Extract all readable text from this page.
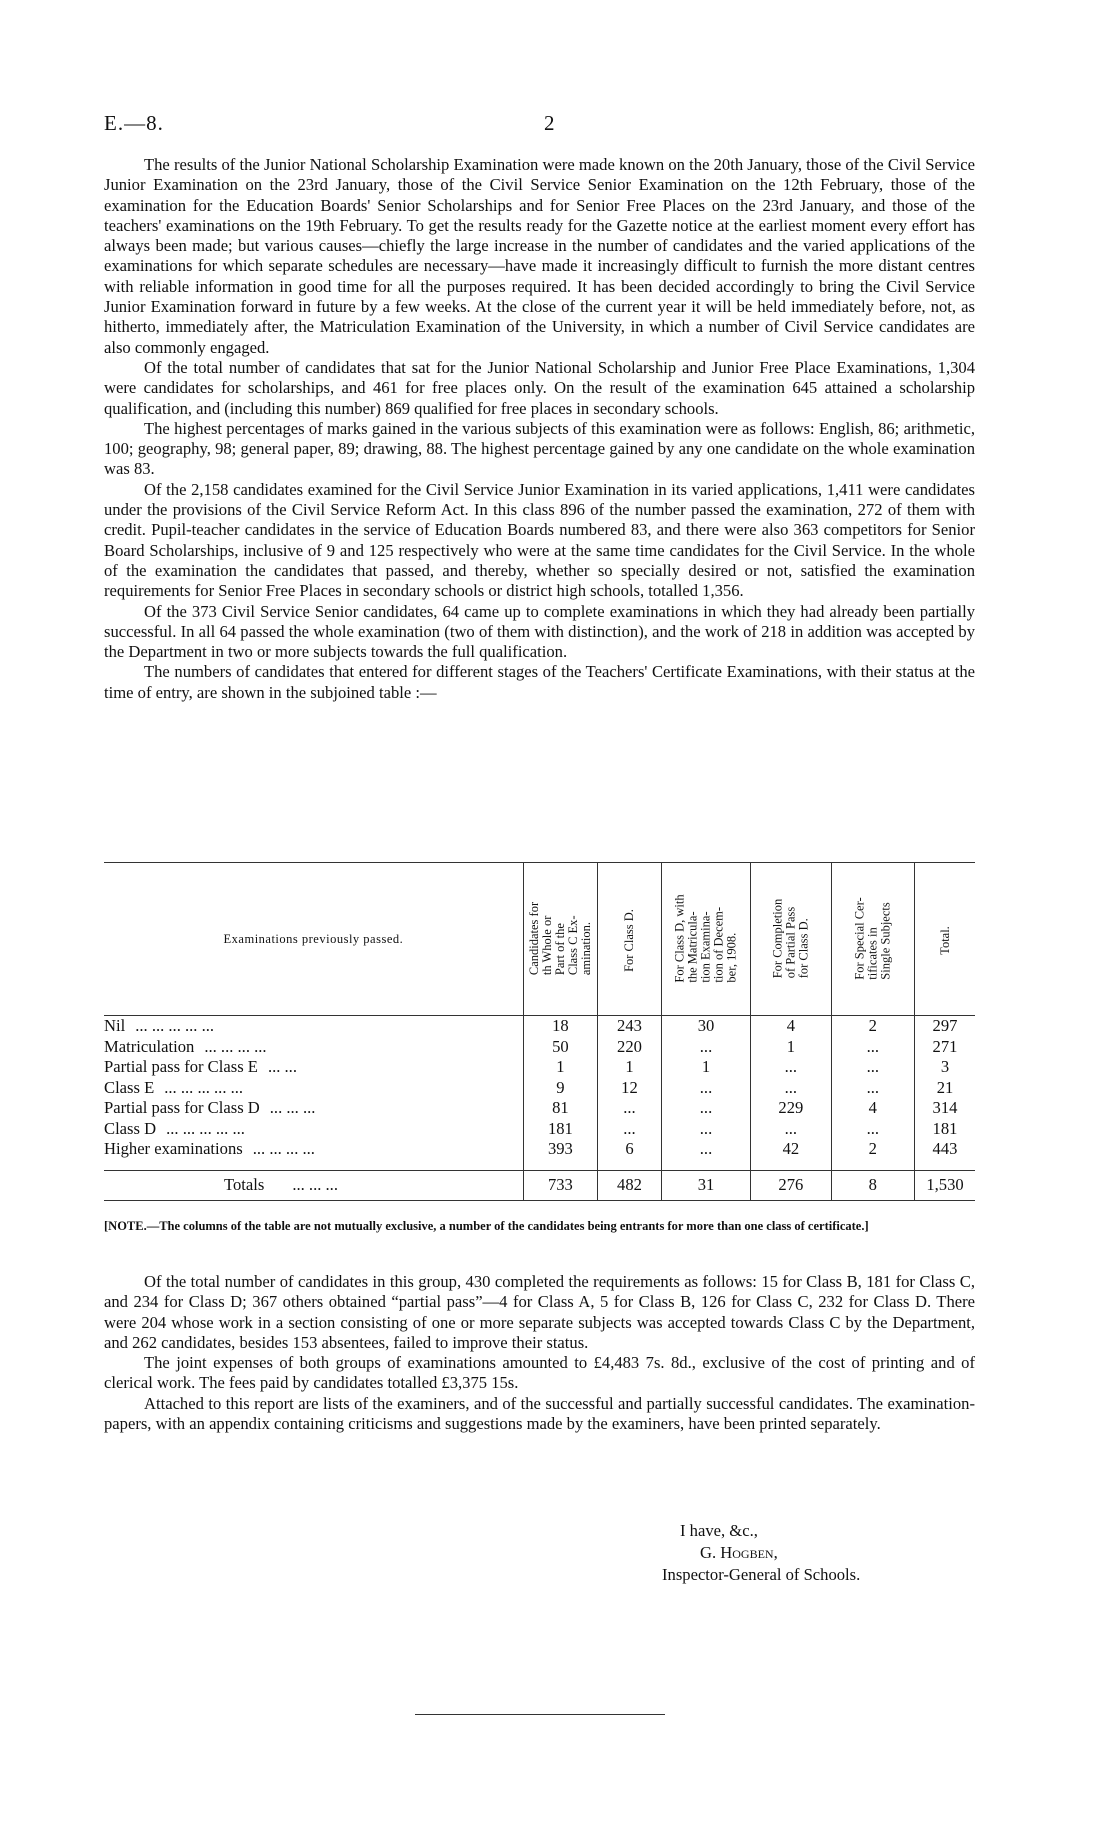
E.—8.	2

The results of the Junior National Scholarship Examination were made known on the 20th January, those of the Civil Service Junior Examination on the 23rd January, those of the Civil Service Senior Examination on the 12th February, those of the examination for the Education Boards' Senior Scholarships and for Senior Free Places on the 23rd January, and those of the teachers' examinations on the 19th February. To get the results ready for the Gazette notice at the earliest moment every effort has always been made; but various causes—chiefly the large increase in the number of candidates and the varied applications of the examinations for which separate schedules are necessary—have made it increasingly difficult to furnish the more distant centres with reliable information in good time for all the purposes required. It has been decided accordingly to bring the Civil Service Junior Examination forward in future by a few weeks. At the close of the current year it will be held immediately before, not, as hitherto, immediately after, the Matriculation Examination of the University, in which a number of Civil Service candidates are also commonly engaged.

Of the total number of candidates that sat for the Junior National Scholarship and Junior Free Place Examinations, 1,304 were candidates for scholarships, and 461 for free places only. On the result of the examination 645 attained a scholarship qualification, and (including this number) 869 qualified for free places in secondary schools.

The highest percentages of marks gained in the various subjects of this examination were as follows: English, 86; arithmetic, 100; geography, 98; general paper, 89; drawing, 88. The highest percentage gained by any one candidate on the whole examination was 83.

Of the 2,158 candidates examined for the Civil Service Junior Examination in its varied applications, 1,411 were candidates under the provisions of the Civil Service Reform Act. In this class 896 of the number passed the examination, 272 of them with credit. Pupil-teacher candidates in the service of Education Boards numbered 83, and there were also 363 competitors for Senior Board Scholarships, inclusive of 9 and 125 respectively who were at the same time candidates for the Civil Service. In the whole of the examination the candidates that passed, and thereby, whether so specially desired or not, satisfied the examination requirements for Senior Free Places in secondary schools or district high schools, totalled 1,356.

Of the 373 Civil Service Senior candidates, 64 came up to complete examinations in which they had already been partially successful. In all 64 passed the whole examination (two of them with distinction), and the work of 218 in addition was accepted by the Department in two or more subjects towards the full qualification.

The numbers of candidates that entered for different stages of the Teachers' Certificate Examinations, with their status at the time of entry, are shown in the subjoined table :—

Examinations previously passed.	Candidates for
th Whole or
Part of the
Class C Ex-
amination.	For Class D.	For Class D, with
the Matricula-
tion Examina-
tion of Decem-
ber, 1908.	For Completion
of Partial Pass
for Class D.	For Special Cer-
tificates in
Single Subjects	Total.
Nil ... ... ... ... ...	18	243	30	4	2	297
Matriculation ... ... ... ...	50	220	...	1	...	271
Partial pass for Class E ... ...	1	1	1	...	...	3
Class E ... ... ... ... ...	9	12	...	...	...	21
Partial pass for Class D ... ... ...	81	...	...	229	4	314
Class D ... ... ... ... ...	181	...	...	...	...	181
Higher examinations ... ... ... ...	393	6	...	42	2	443

Totals ... ... ...	733	482	31	276	8	1,530
[NOTE.—The columns of the table are not mutually exclusive, a number of the candidates being entrants for more than one class of certificate.]

Of the total number of candidates in this group, 430 completed the requirements as follows: 15 for Class B, 181 for Class C, and 234 for Class D; 367 others obtained “partial pass”—4 for Class A, 5 for Class B, 126 for Class C, 232 for Class D. There were 204 whose work in a section consisting of one or more separate subjects was accepted towards Class C by the Department, and 262 candidates, besides 153 absentees, failed to improve their status.

The joint expenses of both groups of examinations amounted to £4,483 7s. 8d., exclusive of the cost of printing and of clerical work. The fees paid by candidates totalled £3,375 15s.

Attached to this report are lists of the examiners, and of the successful and partially successful candidates. The examination-papers, with an appendix containing criticisms and suggestions made by the examiners, have been printed separately.

I have, &c.,
G. Hogben,
Inspector-General of Schools.
